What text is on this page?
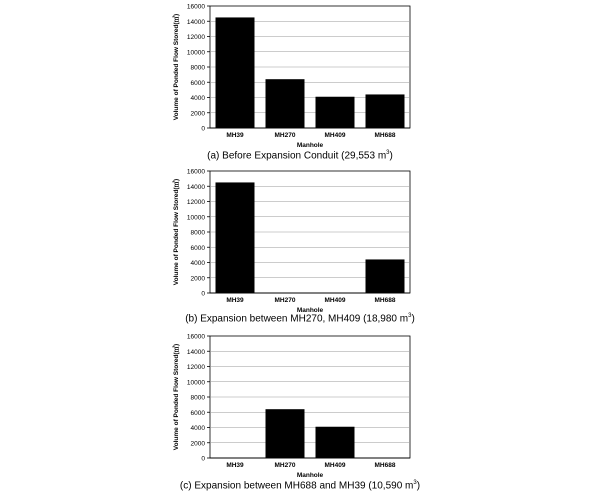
0
2000
4000
6000
8000
10000
12000
14000
16000
MH39	MH270	MH409	MH688
Manhole
Volume of Ponded Flow Stored(㎥)
(a) Before Expansion Conduit (29,553 $m^3$)
0
2000
4000
6000
8000
10000
12000
14000
16000
MH39	MH270	MH409	MH688
Manhole
Volume of Ponded Flow Stored(㎥)
(b) Expansion between MH270, MH409 (18,980 $m^3$)
0
2000
4000
6000
8000
10000
12000
14000
16000
MH39	MH270	MH409	MH688
Manhole
Volume of Ponded Flow Stored(㎥)
(c) Expansion between MH688 and MH39 (10,590 $m^3$)
